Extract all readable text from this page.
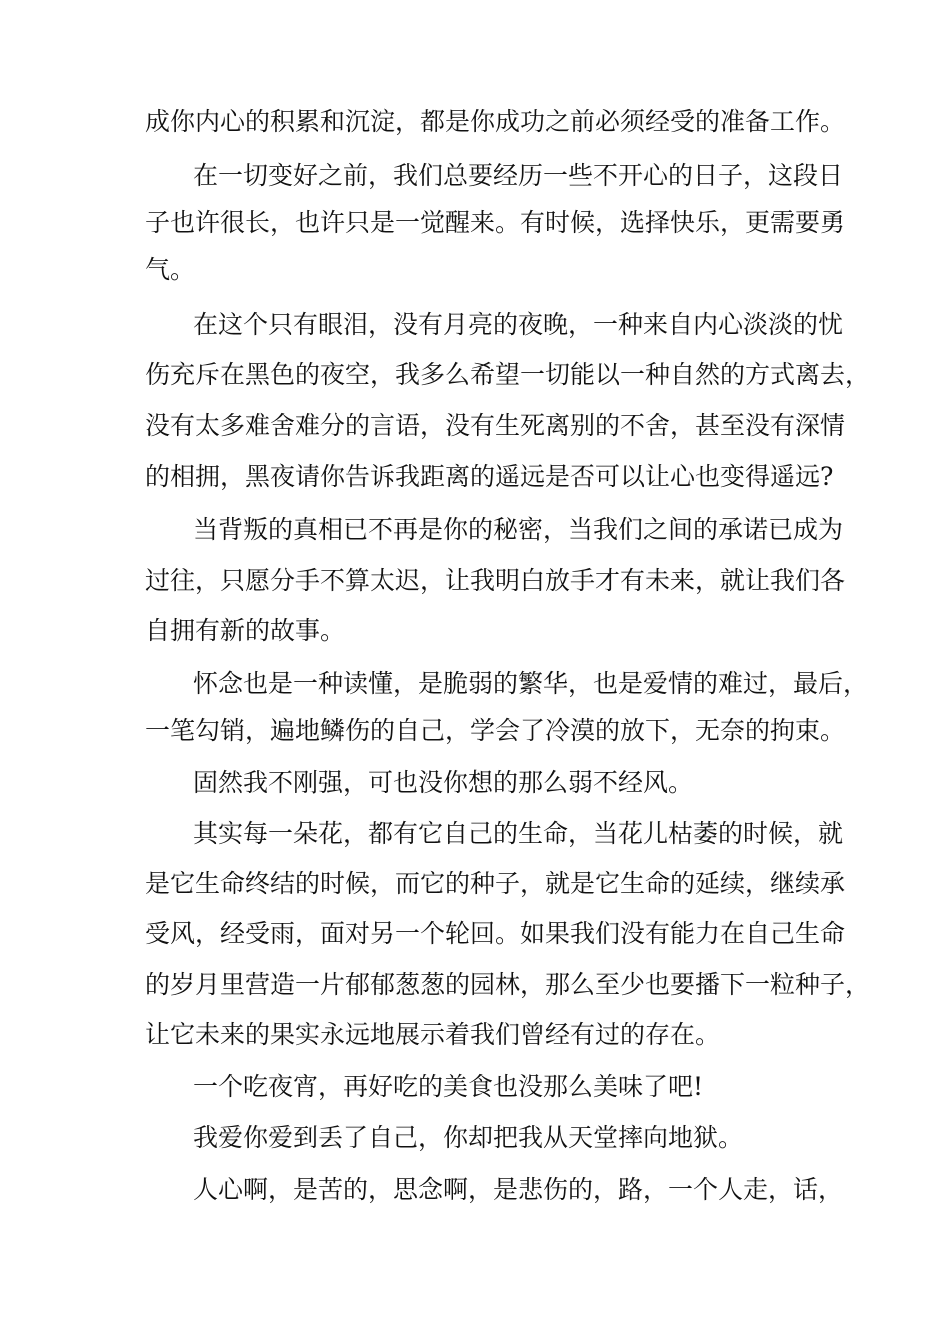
成你内心的积累和沉淀，都是你成功之前必须经受的准备工作。
在一切变好之前，我们总要经历一些不开心的日子，这段日
子也许很长，也许只是一觉醒来。有时候，选择快乐，更需要勇
气。
在这个只有眼泪，没有月亮的夜晚，一种来自内心淡淡的忧
伤充斥在黑色的夜空，我多么希望一切能以一种自然的方式离去，
没有太多难舍难分的言语，没有生死离别的不舍，甚至没有深情
的相拥，黑夜请你告诉我距离的遥远是否可以让心也变得遥远?
当背叛的真相已不再是你的秘密，当我们之间的承诺已成为
过往，只愿分手不算太迟，让我明白放手才有未来，就让我们各
自拥有新的故事。
怀念也是一种读懂，是脆弱的繁华，也是爱情的难过，最后，
一笔勾销，遍地鳞伤的自己，学会了冷漠的放下，无奈的拘束。
固然我不刚强，可也没你想的那么弱不经风。
其实每一朵花，都有它自己的生命，当花儿枯萎的时候，就
是它生命终结的时候，而它的种子，就是它生命的延续，继续承
受风，经受雨，面对另一个轮回。如果我们没有能力在自己生命
的岁月里营造一片郁郁葱葱的园林，那么至少也要播下一粒种子，
让它未来的果实永远地展示着我们曾经有过的存在。
一个吃夜宵，再好吃的美食也没那么美味了吧!
我爱你爱到丢了自己，你却把我从天堂摔向地狱。
人心啊，是苦的，思念啊，是悲伤的，路，一个人走，话，
